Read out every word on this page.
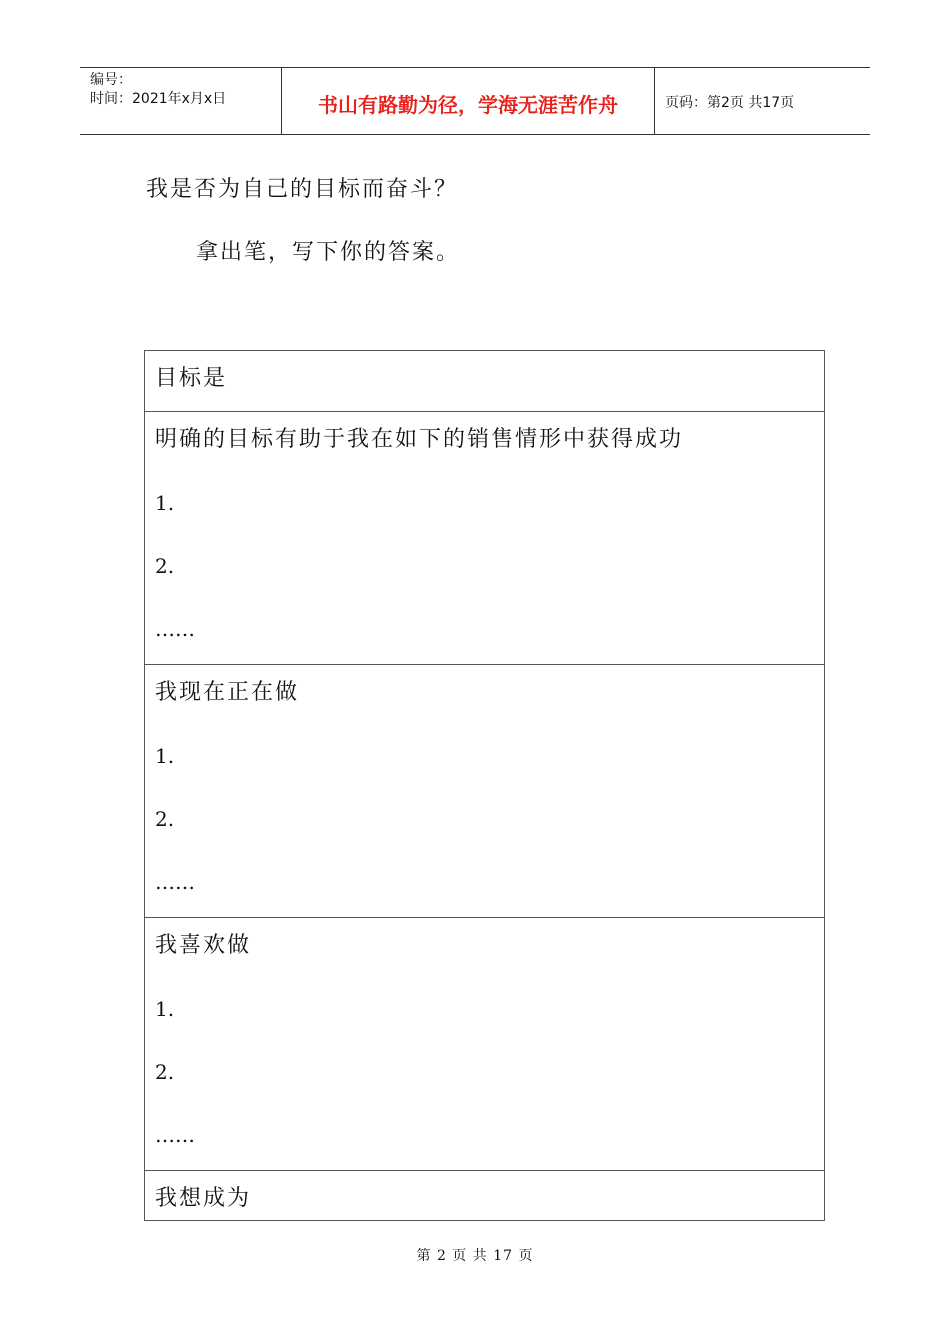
编号：
时间：2021年x月x日	书山有路勤为径，学海无涯苦作舟	页码：第2页 共17页
我是否为自己的目标而奋斗？
拿出笔，写下你的答案。
目标是
明确的目标有助于我在如下的销售情形中获得成功
1.
2.
……
我现在正在做
1.
2.
……
我喜欢做
1.
2.
……
我想成为
第 2 页 共 17 页
